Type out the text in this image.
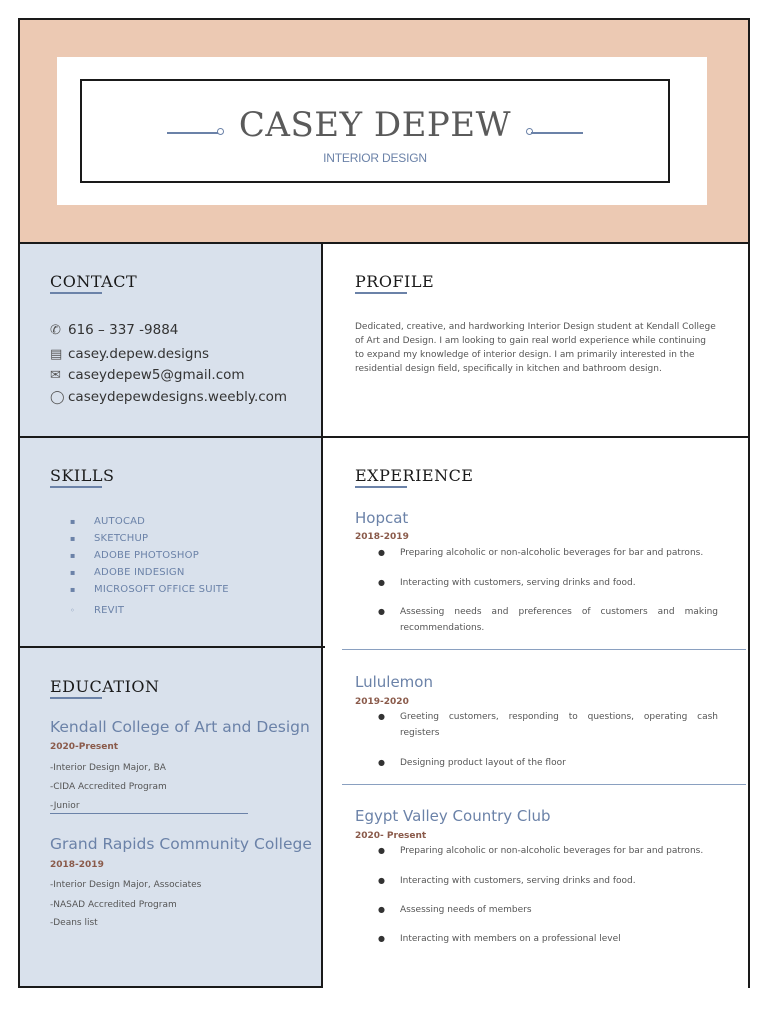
CASEY DEPEW
INTERIOR DESIGN
CONTACT
✆ 616 – 337 -9884
▤ casey.depew.designs
✉ caseydepew5@gmail.com
◯ caseydepewdesigns.weebly.com
PROFILE
Dedicated, creative, and hardworking Interior Design student at Kendall College of Art and Design. I am looking to gain real world experience while continuing to expand my knowledge of interior design. I am primarily interested in the residential design field, specifically in kitchen and bathroom design.
SKILLS
▪ AUTOCAD
▪ SKETCHUP
▪ ADOBE PHOTOSHOP
▪ ADOBE INDESIGN
▪ MICROSOFT OFFICE SUITE
◦ REVIT
EDUCATION
Kendall College of Art and Design
2020-Present
-Interior Design Major, BA
-CIDA Accredited Program
-Junior
Grand Rapids Community College
2018-2019
-Interior Design Major, Associates
-NASAD Accredited Program
-Deans list
EXPERIENCE
Hopcat
2018-2019
●	Preparing alcoholic or non-alcoholic beverages for bar and patrons.
●	Interacting with customers, serving drinks and food.
●	Assessing needs and preferences of customers and making recommendations.
Lululemon
2019-2020
●	Greeting customers, responding to questions, operating cash registers
●	Designing product layout of the floor
Egypt Valley Country Club
2020- Present
●	Preparing alcoholic or non-alcoholic beverages for bar and patrons.
●	Interacting with customers, serving drinks and food.
●	Assessing needs of members
●	Interacting with members on a professional level
